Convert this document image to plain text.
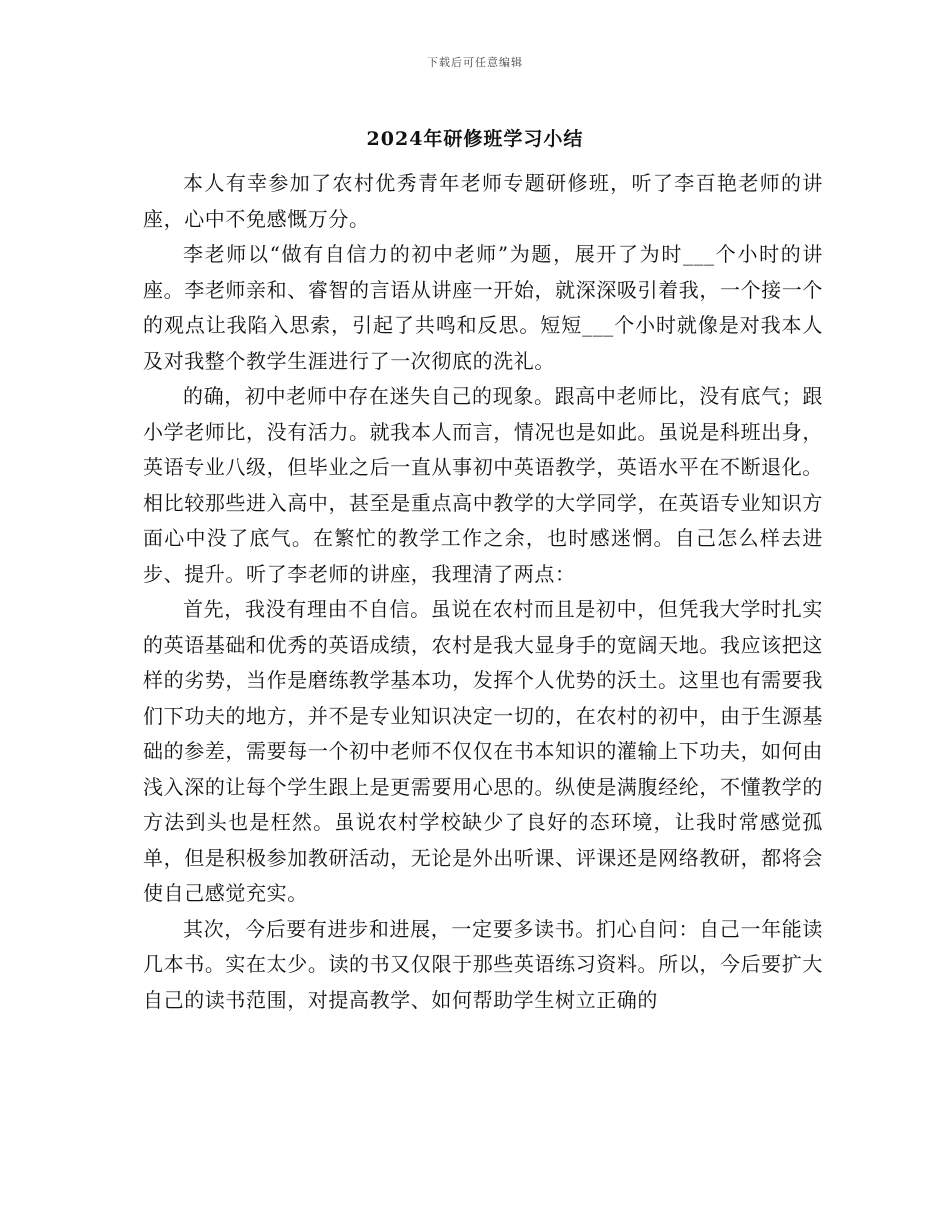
下载后可任意编辑
2024年研修班学习小结

本人有幸参加了农村优秀青年老师专题研修班，听了李百艳老师的讲座，心中不免感慨万分。

李老师以“做有自信力的初中老师”为题，展开了为时___个小时的讲座。李老师亲和、睿智的言语从讲座一开始，就深深吸引着我，一个接一个的观点让我陷入思索，引起了共鸣和反思。短短___个小时就像是对我本人及对我整个教学生涯进行了一次彻底的洗礼。

的确，初中老师中存在迷失自己的现象。跟高中老师比，没有底气；跟小学老师比，没有活力。就我本人而言，情况也是如此。虽说是科班出身，英语专业八级，但毕业之后一直从事初中英语教学，英语水平在不断退化。相比较那些进入高中，甚至是重点高中教学的大学同学，在英语专业知识方面心中没了底气。在繁忙的教学工作之余，也时感迷惘。自己怎么样去进步、提升。听了李老师的讲座，我理清了两点：

首先，我没有理由不自信。虽说在农村而且是初中，但凭我大学时扎实的英语基础和优秀的英语成绩，农村是我大显身手的宽阔天地。我应该把这样的劣势，当作是磨练教学基本功，发挥个人优势的沃土。这里也有需要我们下功夫的地方，并不是专业知识决定一切的，在农村的初中，由于生源基础的参差，需要每一个初中老师不仅仅在书本知识的灌输上下功夫，如何由浅入深的让每个学生跟上是更需要用心思的。纵使是满腹经纶，不懂教学的方法到头也是枉然。虽说农村学校缺少了良好的态环境，让我时常感觉孤单，但是积极参加教研活动，无论是外出听课、评课还是网络教研，都将会使自己感觉充实。

其次，今后要有进步和进展，一定要多读书。扪心自问：自己一年能读几本书。实在太少。读的书又仅限于那些英语练习资料。所以，今后要扩大自己的读书范围，对提高教学、如何帮助学生树立正确的
